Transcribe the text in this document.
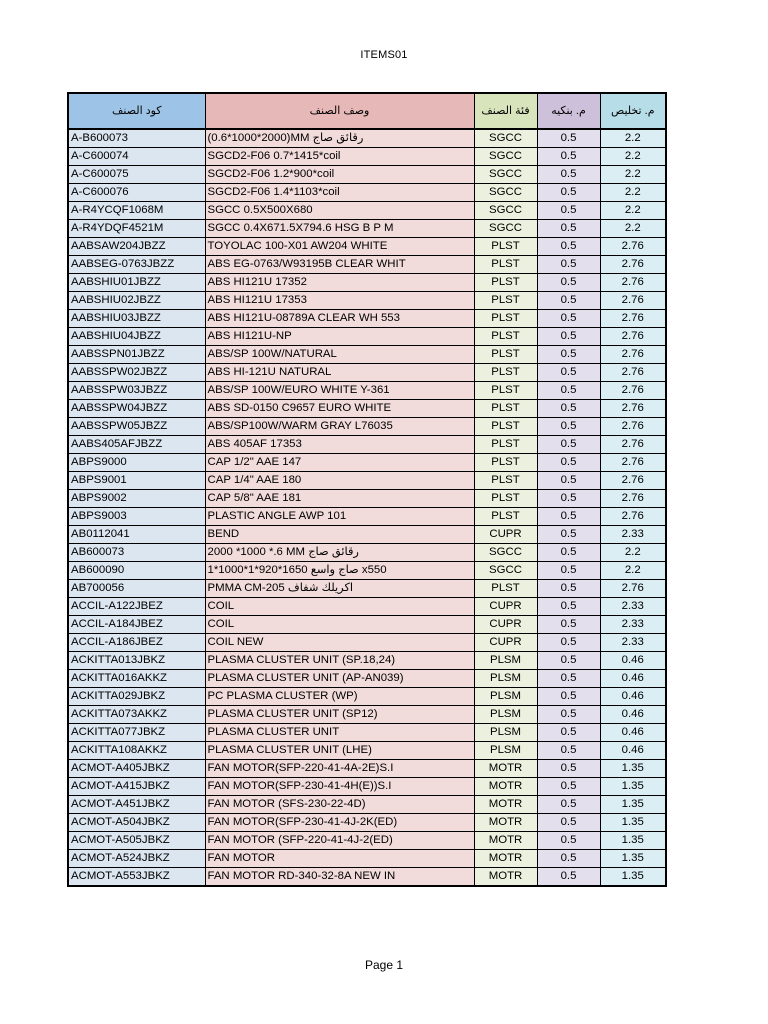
ITEMS01
كود الصنف	وصف الصنف	فئة الصنف	م. بنكيه	م. تخليص
A-B600073	(0.6*1000*2000)MM رقائق صاج	SGCC	0.5	2.2
A-C600074	SGCD2-F06 0.7*1415*coil	SGCC	0.5	2.2
A-C600075	SGCD2-F06 1.2*900*coil	SGCC	0.5	2.2
A-C600076	SGCD2-F06 1.4*1103*coil	SGCC	0.5	2.2
A-R4YCQF1068M	SGCC 0.5X500X680	SGCC	0.5	2.2
A-R4YDQF4521M	SGCC 0.4X671.5X794.6 HSG B P M	SGCC	0.5	2.2
AABSAW204JBZZ	TOYOLAC 100-X01 AW204 WHITE	PLST	0.5	2.76
AABSEG-0763JBZZ	ABS EG-0763/W93195B CLEAR WHIT	PLST	0.5	2.76
AABSHIU01JBZZ	ABS HI121U 17352	PLST	0.5	2.76
AABSHIU02JBZZ	ABS HI121U 17353	PLST	0.5	2.76
AABSHIU03JBZZ	ABS HI121U-08789A CLEAR WH 553	PLST	0.5	2.76
AABSHIU04JBZZ	ABS HI121U-NP	PLST	0.5	2.76
AABSSPN01JBZZ	ABS/SP 100W/NATURAL	PLST	0.5	2.76
AABSSPW02JBZZ	ABS HI-121U NATURAL	PLST	0.5	2.76
AABSSPW03JBZZ	ABS/SP 100W/EURO WHITE Y-361	PLST	0.5	2.76
AABSSPW04JBZZ	ABS SD-0150 C9657 EURO WHITE	PLST	0.5	2.76
AABSSPW05JBZZ	ABS/SP100W/WARM GRAY L76035	PLST	0.5	2.76
AABS405AFJBZZ	ABS 405AF 17353	PLST	0.5	2.76
ABPS9000	CAP 1/2" AAE 147	PLST	0.5	2.76
ABPS9001	CAP 1/4" AAE 180	PLST	0.5	2.76
ABPS9002	CAP 5/8" AAE 181	PLST	0.5	2.76
ABPS9003	PLASTIC ANGLE AWP 101	PLST	0.5	2.76
AB0112041	BEND	CUPR	0.5	2.33
AB600073	2000 *1000 *.6 MM رقائق صاج	SGCC	0.5	2.2
AB600090	1*1000*صاج واسع 1650*920*1 x550	SGCC	0.5	2.2
AB700056	PMMA CM-205 اكريلك شفاف	PLST	0.5	2.76
ACCIL-A122JBEZ	COIL	CUPR	0.5	2.33
ACCIL-A184JBEZ	COIL	CUPR	0.5	2.33
ACCIL-A186JBEZ	COIL NEW	CUPR	0.5	2.33
ACKITTA013JBKZ	PLASMA CLUSTER UNIT (SP.18,24)	PLSM	0.5	0.46
ACKITTA016AKKZ	PLASMA CLUSTER UNIT (AP-AN039)	PLSM	0.5	0.46
ACKITTA029JBKZ	PC PLASMA CLUSTER (WP)	PLSM	0.5	0.46
ACKITTA073AKKZ	PLASMA CLUSTER UNIT (SP12)	PLSM	0.5	0.46
ACKITTA077JBKZ	PLASMA CLUSTER UNIT	PLSM	0.5	0.46
ACKITTA108AKKZ	PLASMA CLUSTER UNIT (LHE)	PLSM	0.5	0.46
ACMOT-A405JBKZ	FAN MOTOR(SFP-220-41-4A-2E)S.I	MOTR	0.5	1.35
ACMOT-A415JBKZ	FAN MOTOR(SFP-230-41-4H(E))S.I	MOTR	0.5	1.35
ACMOT-A451JBKZ	FAN MOTOR (SFS-230-22-4D)	MOTR	0.5	1.35
ACMOT-A504JBKZ	FAN MOTOR(SFP-230-41-4J-2K(ED)	MOTR	0.5	1.35
ACMOT-A505JBKZ	FAN MOTOR (SFP-220-41-4J-2(ED)	MOTR	0.5	1.35
ACMOT-A524JBKZ	FAN MOTOR	MOTR	0.5	1.35
ACMOT-A553JBKZ	FAN MOTOR RD-340-32-8A NEW IN	MOTR	0.5	1.35
Page 1
